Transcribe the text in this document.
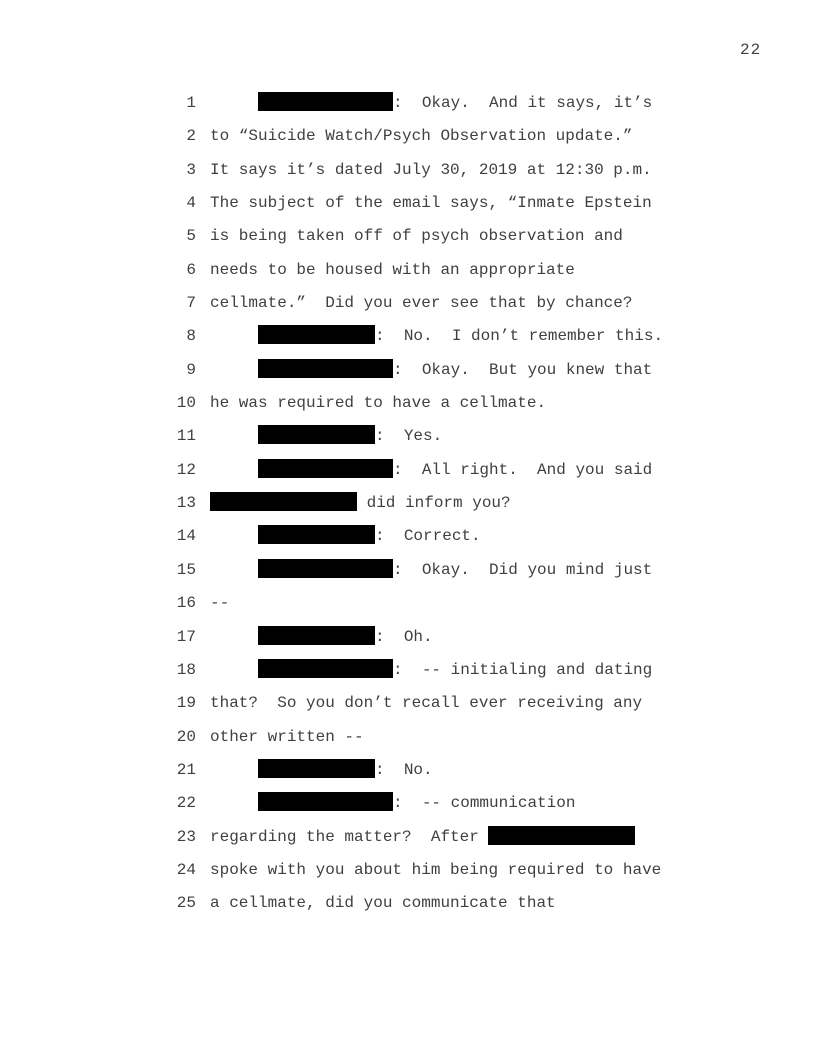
22
1	:  Okay.  And it says, it’s
2 to “Suicide Watch/Psych Observation update.”
3 It says it’s dated July 30, 2019 at 12:30 p.m.
4 The subject of the email says, “Inmate Epstein
5 is being taken off of psych observation and
6 needs to be housed with an appropriate
7 cellmate.”  Did you ever see that by chance?
8	:  No.  I don’t remember this.
9	:  Okay.  But you knew that
10 he was required to have a cellmate.
11	:  Yes.
12	:  All right.  And you said
13	did inform you?
14	:  Correct.
15	:  Okay.  Did you mind just
16 --
17	:  Oh.
18	:  -- initialing and dating
19 that?  So you don’t recall ever receiving any
20 other written --
21	:  No.
22	:  -- communication
23 regarding the matter?  After
24 spoke with you about him being required to have
25 a cellmate, did you communicate that
